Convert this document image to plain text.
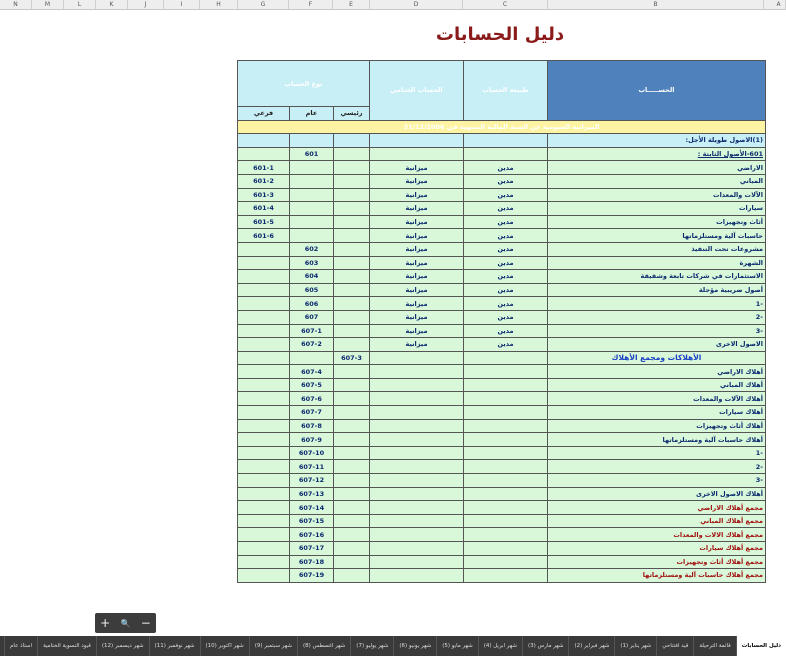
A
B
C
D
E
F
G
H
I
J
K
L
M
N
دليل الحسابات
نوع الحساب			الحساب الختامي	طبيعة الحساب	الحســـــاب
فرعي	عام	رئيسي			
الميزانية العمومية عن السنة المالية المنتهية في 31/12/2006					
					(1)الاصول طويلة الأجل:
	601				601-الأصول الثابتة :
601-1			ميزانية	مدين	الاراضي
601-2			ميزانية	مدين	المباني
601-3			ميزانية	مدين	الآلات والمعدات
601-4			ميزانية	مدين	سيارات
601-5			ميزانية	مدين	أثاث وتجهيزات
601-6			ميزانية	مدين	حاسبات آلية ومستلزماتها
	602		ميزانية	مدين	مشروعات تحت التنفيذ
	603		ميزانية	مدين	الشهرة
	604		ميزانية	مدين	الاستثمارات في شركات تابعة وشقيقة
	605		ميزانية	مدين	أصول ضريبية مؤجلة
	606		ميزانية	مدين	-1
	607		ميزانية	مدين	-2
	607-1		ميزانية	مدين	-3
	607-2		ميزانية	مدين	الاصول الاخرى
		607-3			الأهلاكات ومجمع الأهلاك
	607-4				أهلاك الاراضي
	607-5				أهلاك المباني
	607-6				أهلاك الآلات والمعدات
	607-7				أهلاك سيارات
	607-8				أهلاك أثاث وتجهيزات
	607-9				أهلاك حاسبات آلية ومستلزماتها
	607-10				-1
	607-11				-2
	607-12				-3
	607-13				أهلاك الاصول الاخرى
	607-14				مجمع أهلاك الاراضي
	607-15				مجمع أهلاك المباني
	607-16				مجمع أهلاك الالات والمعدات
	607-17				مجمع أهلاك سيارات
	607-18				مجمع أهلاك أثاث وتجهيزات
	607-19				مجمع أهلاك حاسبات آلية ومستلزماتها
+ 🔍 −
دليل الحسابات
قائمة الترحيلة
قيد افتتاحي
شهر يناير (1)
شهر فبراير (2)
شهر مارس (3)
شهر ابريل (4)
شهر مايو (5)
شهر يونيو (6)
شهر يوليو (7)
شهر اغسطس (8)
شهر سبتمبر (9)
شهر اكتوبر (10)
شهر نوفمبر (11)
شهر ديسمبر (12)
قيود التسوية الختامية
استاذ عام
